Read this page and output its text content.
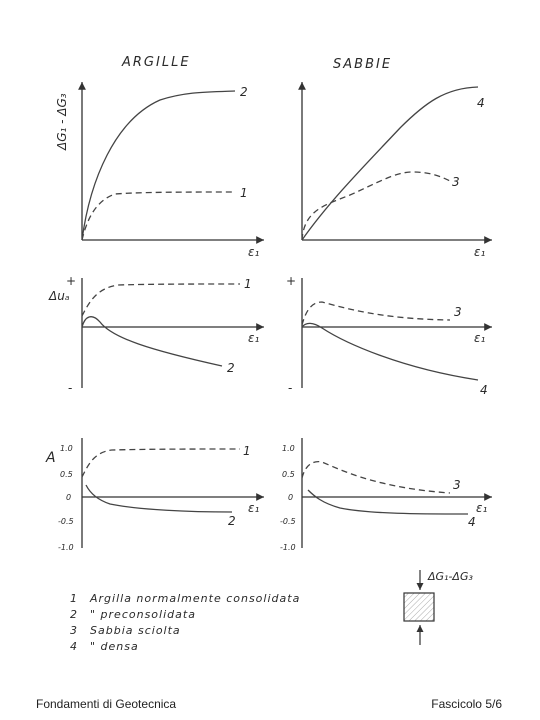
ARGILLE	SABBIE
ΔG₁ - ΔG₃
ε₁
2
1
ε₁
4
3
+
-
Δuₐ
ε₁
1
2
+
-
ε₁
3
4
A
1.0
0.5
0
-0.5
-1.0
ε₁
1
2
1.0
0.5
0
-0.5
-1.0
ε₁
3
4
1 Argilla normalmente consolidata
2 " preconsolidata
3 Sabbia sciolta
4 " densa
ΔG₁-ΔG₃
Fondamenti di Geotecnica	Fascicolo 5/6
